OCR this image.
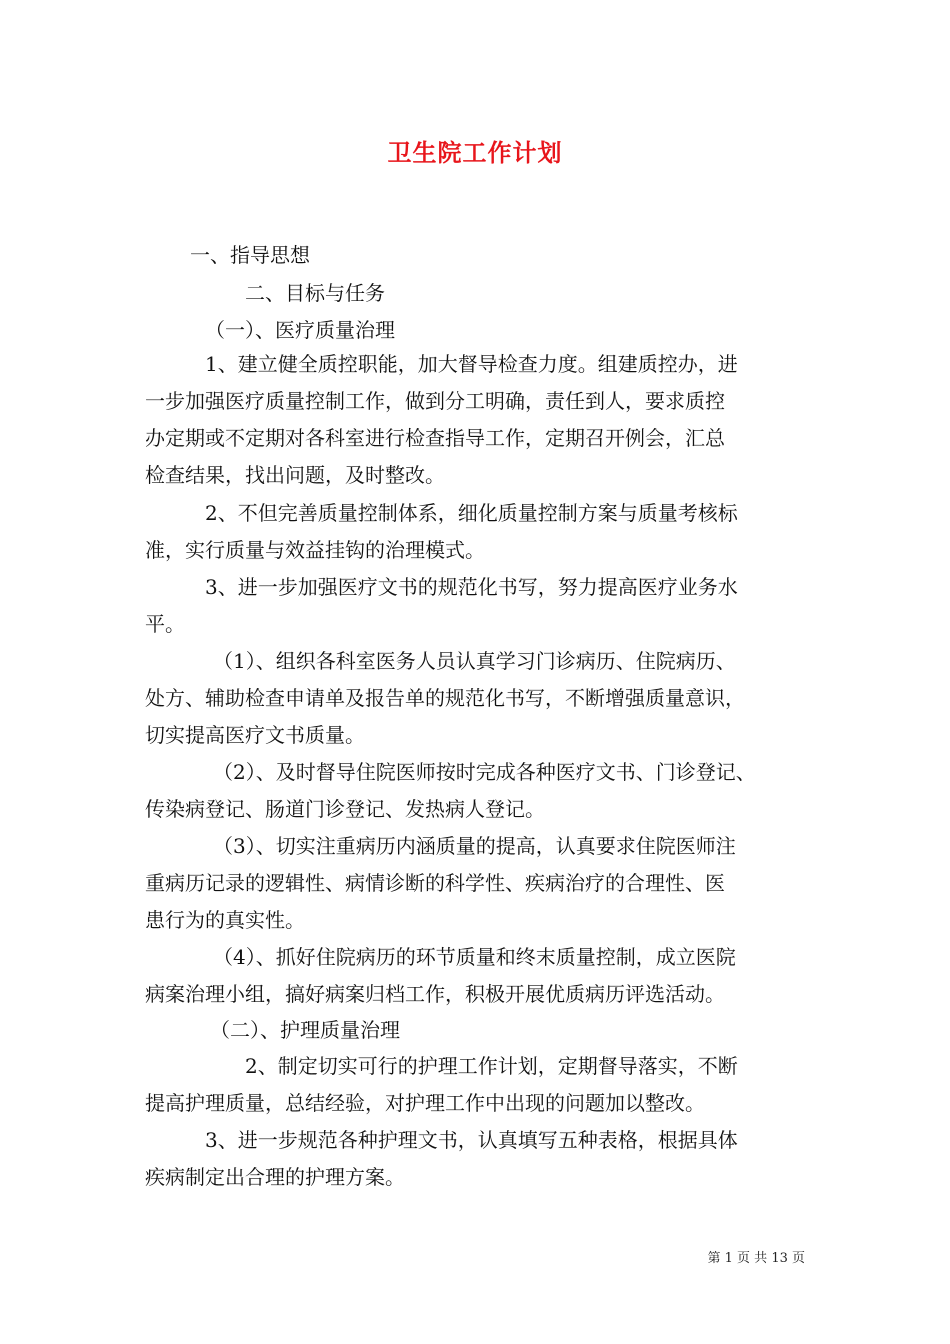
卫生院工作计划

一、指导思想

二、目标与任务

（一）、医疗质量治理

1、建立健全质控职能，加大督导检查力度。组建质控办，进

一步加强医疗质量控制工作，做到分工明确，责任到人，要求质控

办定期或不定期对各科室进行检查指导工作，定期召开例会，汇总

检查结果，找出问题，及时整改。

2、不但完善质量控制体系，细化质量控制方案与质量考核标

准，实行质量与效益挂钩的治理模式。

3、进一步加强医疗文书的规范化书写，努力提高医疗业务水

平。

（1）、组织各科室医务人员认真学习门诊病历、住院病历、

处方、辅助检查申请单及报告单的规范化书写，不断增强质量意识，

切实提高医疗文书质量。

（2）、及时督导住院医师按时完成各种医疗文书、门诊登记、

传染病登记、肠道门诊登记、发热病人登记。

（3）、切实注重病历内涵质量的提高，认真要求住院医师注

重病历记录的逻辑性、病情诊断的科学性、疾病治疗的合理性、医

患行为的真实性。

（4）、抓好住院病历的环节质量和终末质量控制，成立医院

病案治理小组，搞好病案归档工作，积极开展优质病历评选活动。

（二）、护理质量治理

2、制定切实可行的护理工作计划，定期督导落实，不断

提高护理质量，总结经验，对护理工作中出现的问题加以整改。

3、进一步规范各种护理文书，认真填写五种表格，根据具体

疾病制定出合理的护理方案。

第 1 页 共 13 页
